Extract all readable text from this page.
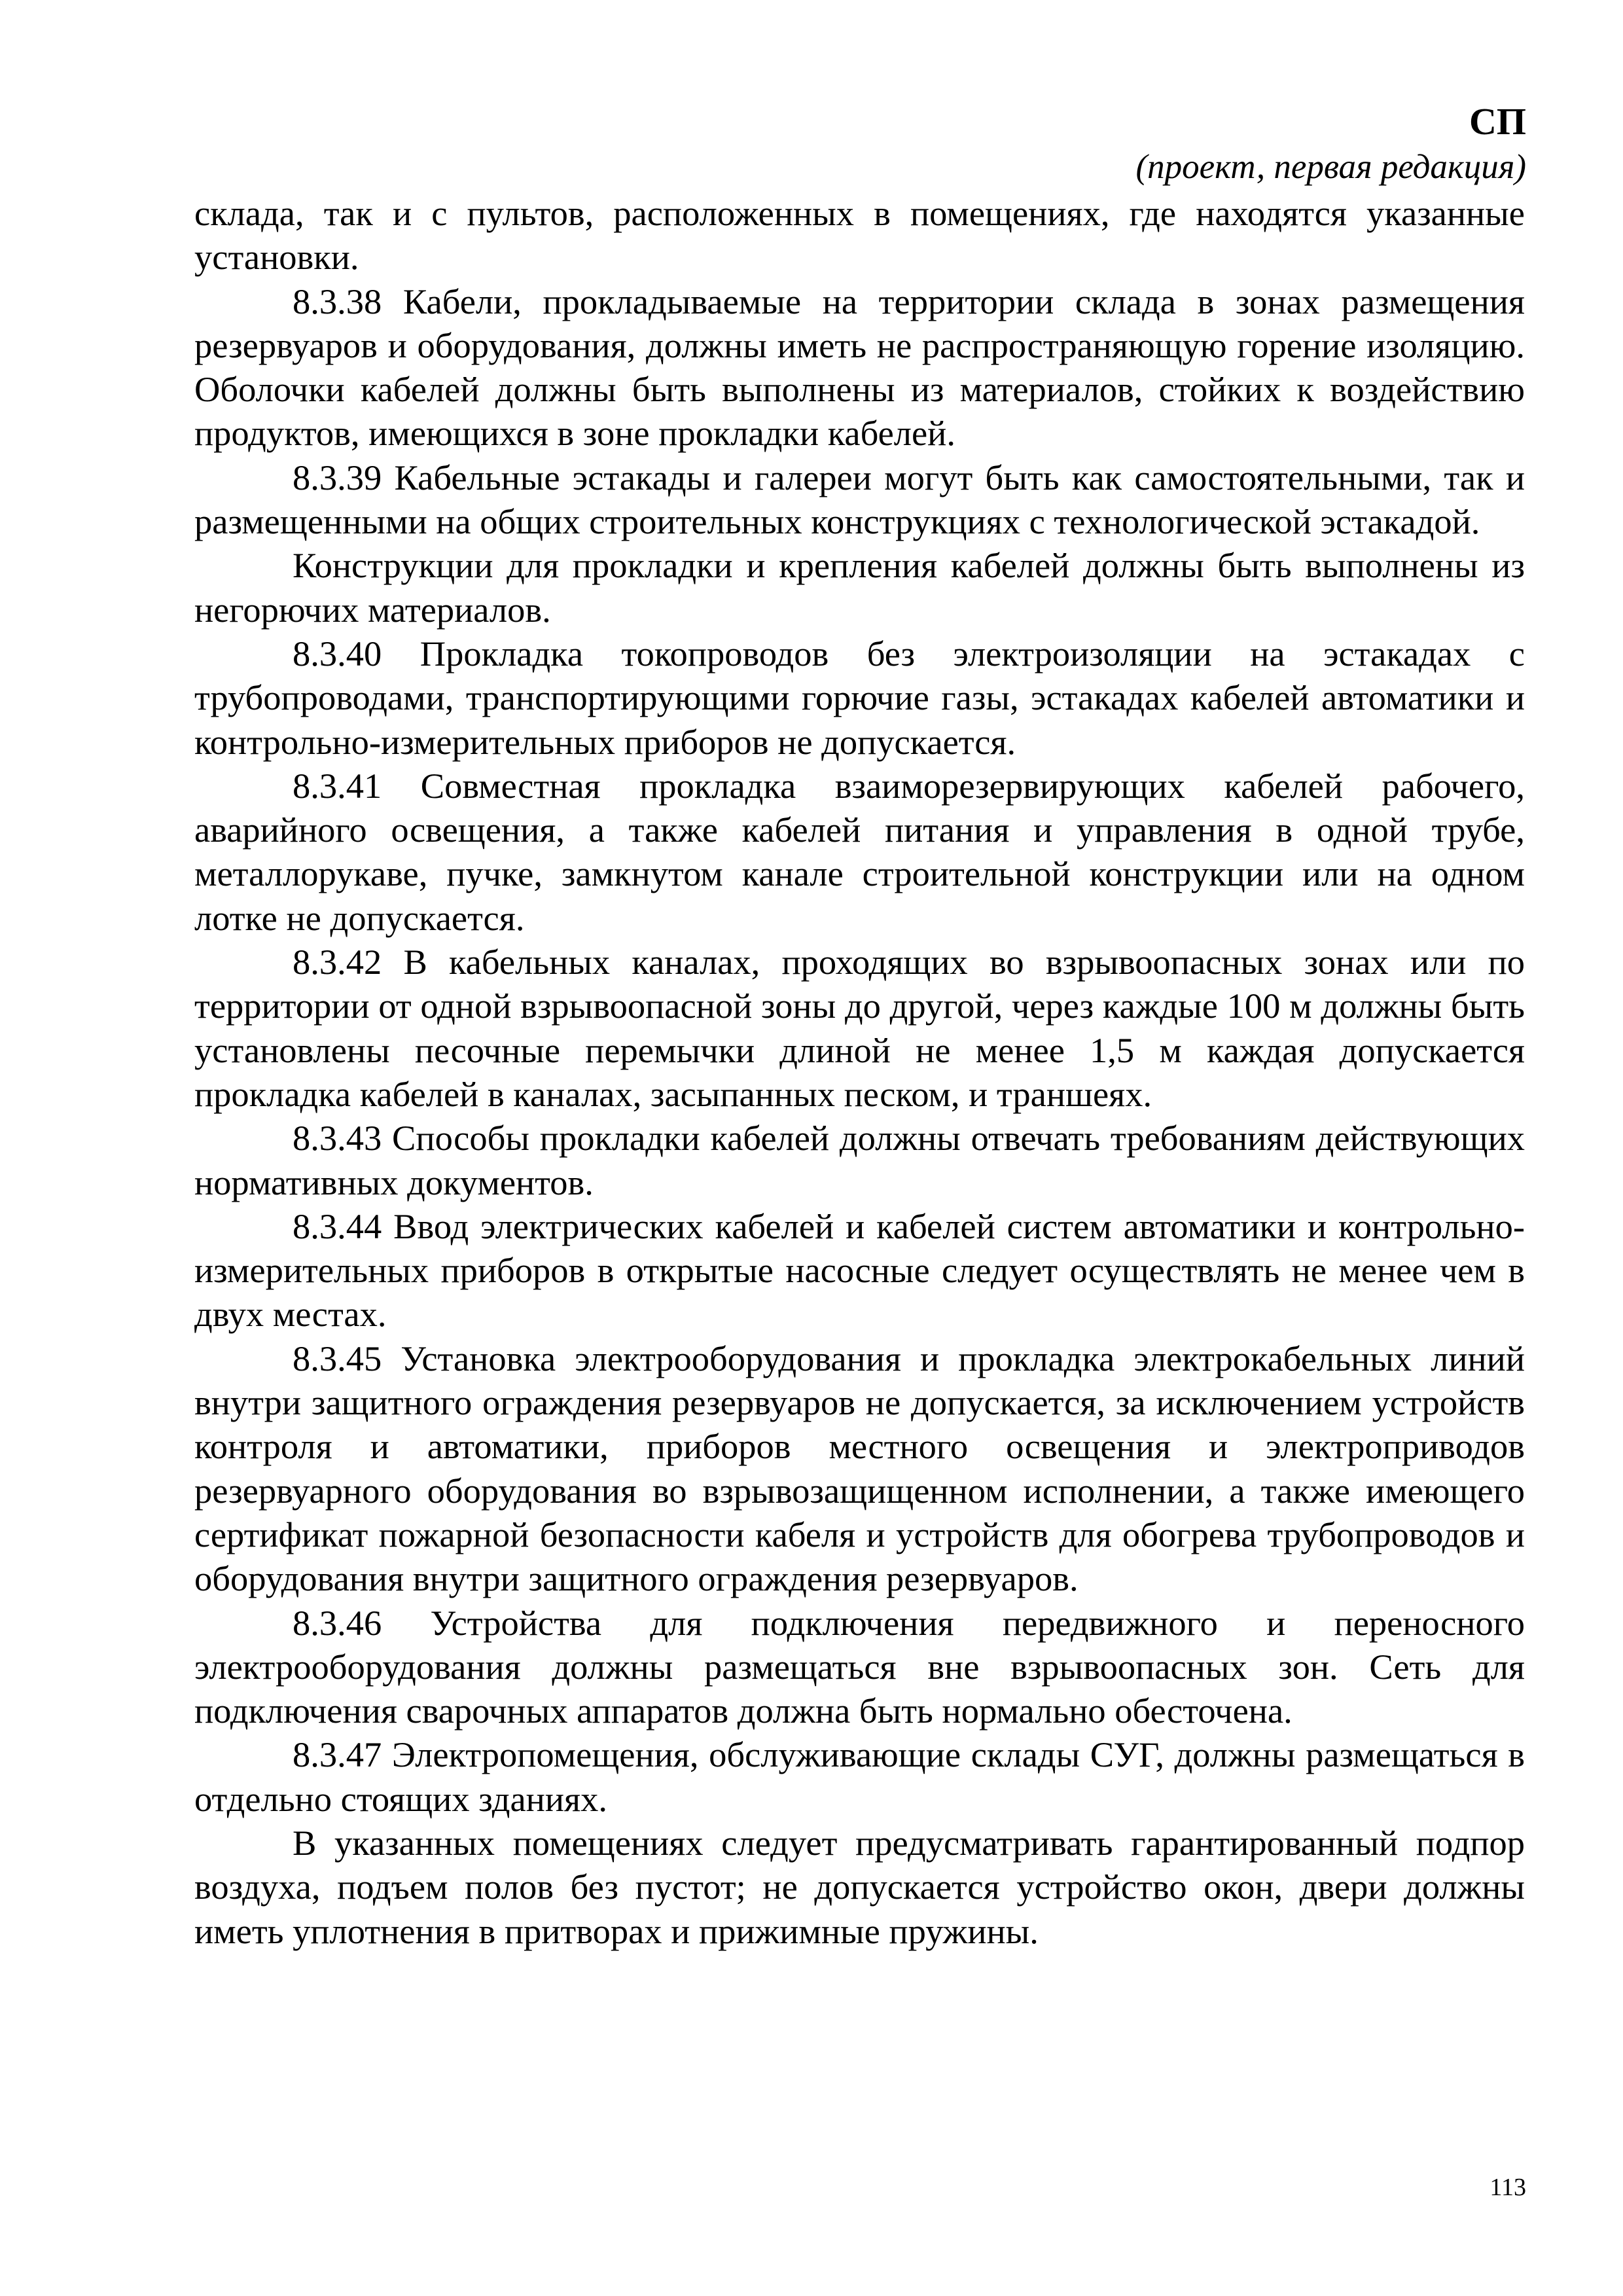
СП
(проект, первая редакция)

склада, так и с пультов, расположенных в помещениях, где находятся указанные установки.

8.3.38 Кабели, прокладываемые на территории склада в зонах размещения резервуаров и оборудования, должны иметь не распространяющую горение изоляцию. Оболочки кабелей должны быть выполнены из материалов, стойких к воздействию продуктов, имеющихся в зоне прокладки кабелей.

8.3.39 Кабельные эстакады и галереи могут быть как самостоятельными, так и размещенными на общих строительных конструкциях с технологической эстакадой.

Конструкции для прокладки и крепления кабелей должны быть выполнены из негорючих материалов.

8.3.40 Прокладка токопроводов без электроизоляции на эстакадах с трубопроводами, транспортирующими горючие газы, эстакадах кабелей автоматики и контрольно-измерительных приборов не допускается.

8.3.41 Совместная прокладка взаиморезервирующих кабелей рабочего, аварийного освещения, а также кабелей питания и управления в одной трубе, металлорукаве, пучке, замкнутом канале строительной конструкции или на одном лотке не допускается.

8.3.42 В кабельных каналах, проходящих во взрывоопасных зонах или по территории от одной взрывоопасной зоны до другой, через каждые 100 м должны быть установлены песочные перемычки длиной не менее 1,5 м каждая допускается прокладка кабелей в каналах, засыпанных песком, и траншеях.

8.3.43 Способы прокладки кабелей должны отвечать требованиям действующих нормативных документов.

8.3.44 Ввод электрических кабелей и кабелей систем автоматики и контрольно-измерительных приборов в открытые насосные следует осуществлять не менее чем в двух местах.

8.3.45 Установка электрооборудования и прокладка электрокабельных линий внутри защитного ограждения резервуаров не допускается, за исключением устройств контроля и автоматики, приборов местного освещения и электроприводов резервуарного оборудования во взрывозащищенном исполнении, а также имеющего сертификат пожарной безопасности кабеля и устройств для обогрева трубопроводов и оборудования внутри защитного ограждения резервуаров.

8.3.46 Устройства для подключения передвижного и переносного электрооборудования должны размещаться вне взрывоопасных зон. Сеть для подключения сварочных аппаратов должна быть нормально обесточена.

8.3.47 Электропомещения, обслуживающие склады СУГ, должны размещаться в отдельно стоящих зданиях.

В указанных помещениях следует предусматривать гарантированный подпор воздуха, подъем полов без пустот; не допускается устройство окон, двери должны иметь уплотнения в притворах и прижимные пружины.

113
